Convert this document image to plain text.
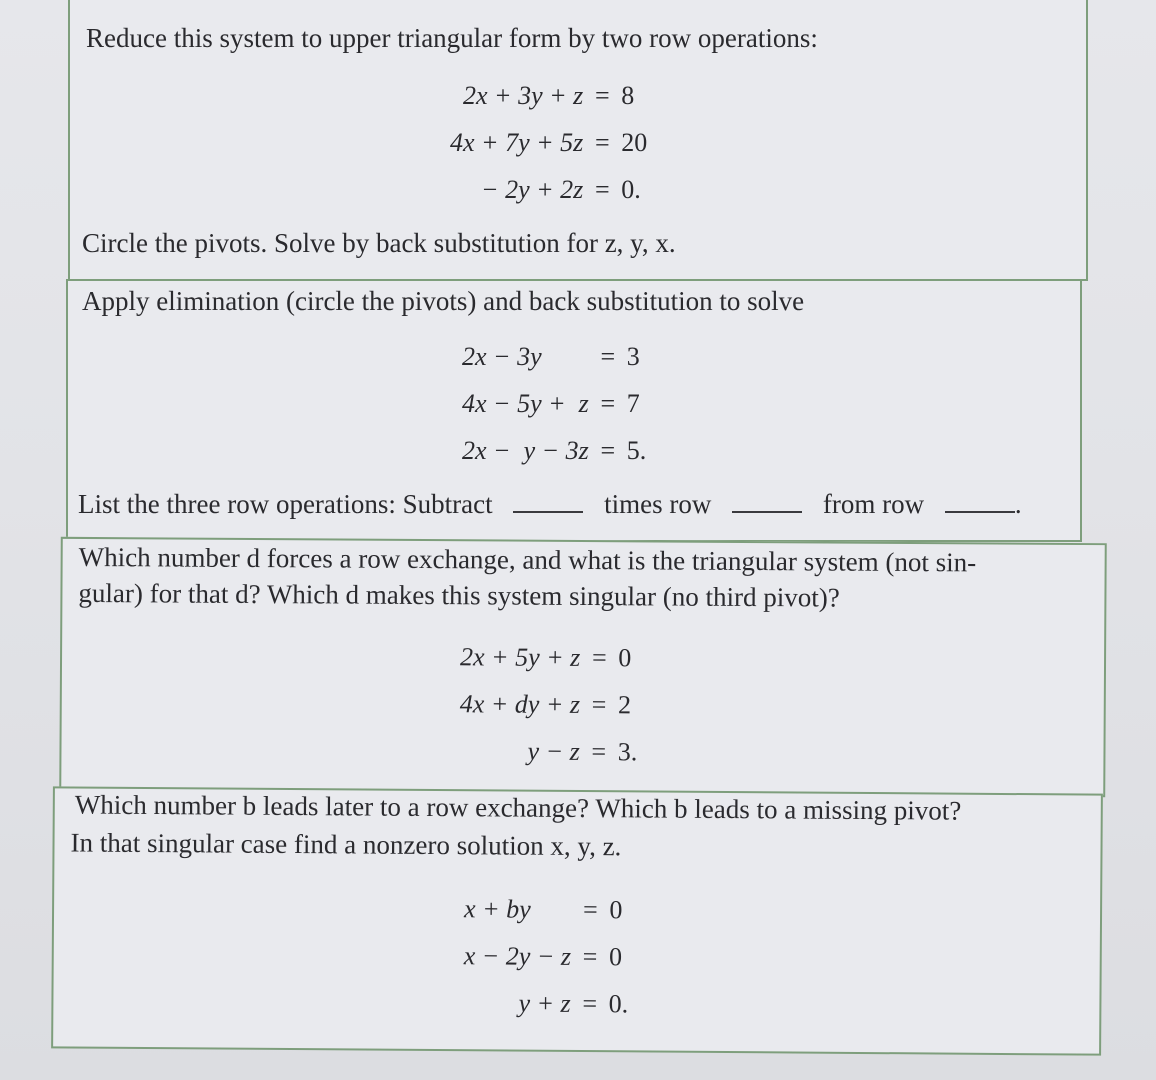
Reduce this system to upper triangular form by two row operations:
2x + 3y + z	=	8
4x + 7y + 5z	=	20
− 2y + 2z	=	0.
Circle the pivots. Solve by back substitution for z, y, x.
Apply elimination (circle the pivots) and back substitution to solve
2x − 3y	=	3
4x − 5y +  z	=	7
2x −  y − 3z	=	5.
List the three row operations: Subtract	times row	from row	.
Which number d forces a row exchange, and what is the triangular system (not sin-
gular) for that d? Which d makes this system singular (no third pivot)?
2x + 5y + z	=	0
4x + dy + z	=	2
y − z	=	3.
Which number b leads later to a row exchange? Which b leads to a missing pivot?
In that singular case find a nonzero solution x, y, z.
x + by	=	0
x − 2y − z	=	0
y + z	=	0.
